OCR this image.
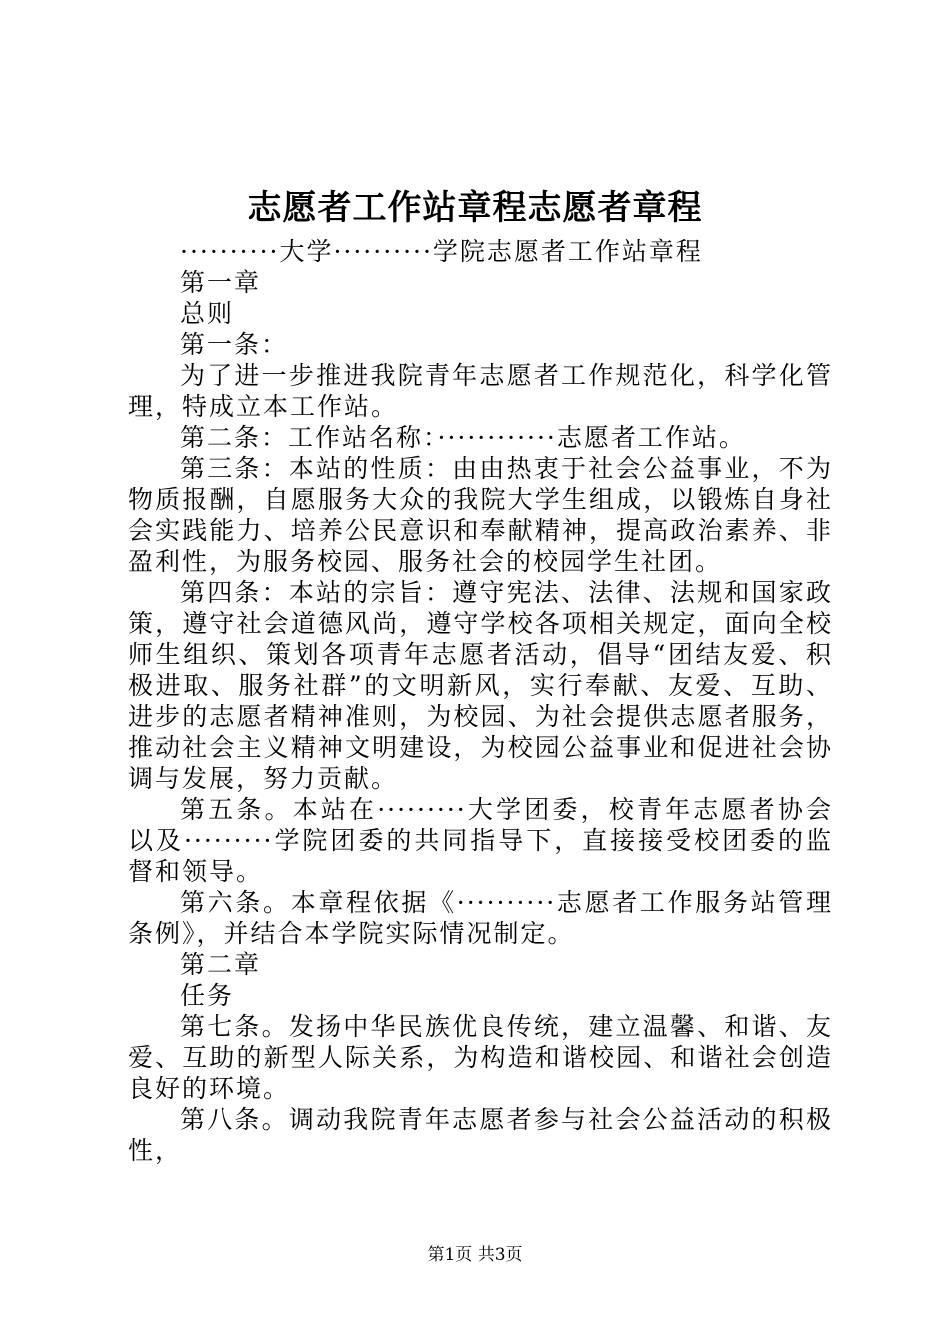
志愿者工作站章程志愿者章程

··········大学··········学院志愿者工作站章程

第一章

总则

第一条：

为了进一步推进我院青年志愿者工作规范化，科学化管理，特成立本工作站。

第二条：工作站名称：············志愿者工作站。

第三条：本站的性质：由由热衷于社会公益事业，不为物质报酬，自愿服务大众的我院大学生组成，以锻炼自身社会实践能力、培养公民意识和奉献精神，提高政治素养、非盈利性，为服务校园、服务社会的校园学生社团。

第四条：本站的宗旨：遵守宪法、法律、法规和国家政策，遵守社会道德风尚，遵守学校各项相关规定，面向全校师生组织、策划各项青年志愿者活动，倡导“团结友爱、积极进取、服务社群”的文明新风，实行奉献、友爱、互助、进步的志愿者精神准则，为校园、为社会提供志愿者服务，推动社会主义精神文明建设，为校园公益事业和促进社会协调与发展，努力贡献。

第五条。本站在·········大学团委，校青年志愿者协会以及·········学院团委的共同指导下，直接接受校团委的监督和领导。

第六条。本章程依据《··········志愿者工作服务站管理条例》，并结合本学院实际情况制定。

第二章

任务

第七条。发扬中华民族优良传统，建立温馨、和谐、友爱、互助的新型人际关系，为构造和谐校园、和谐社会创造良好的环境。

第八条。调动我院青年志愿者参与社会公益活动的积极性，

第1页 共3页
